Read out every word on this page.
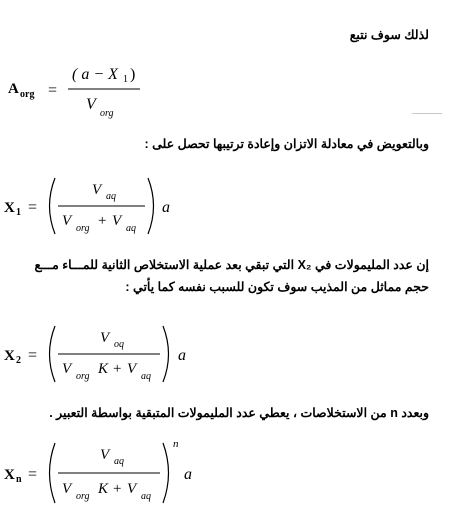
لذلك سوف نتبع
A org =
( a − X 1 )
V
org
وبالتعويض في معادلة الاتزان وإعادة ترتيبها تحصل على :
X 1 =
V aq
V org + V aq
a
إن عدد المليمولات في X₂ التي تبقي بعد عملية الاستخلاص الثانية للمـــاء مـــع
حجم مماثل من المذيب سوف تكون للسبب نفسه كما يأتي :
X 2 =
V oq
V org K + V aq
a
وبعدد n من الاستخلاصات ، يعطي عدد المليمولات المتبقية بواسطة التعبير .
X n =
V aq
V org K + V aq
n
a
